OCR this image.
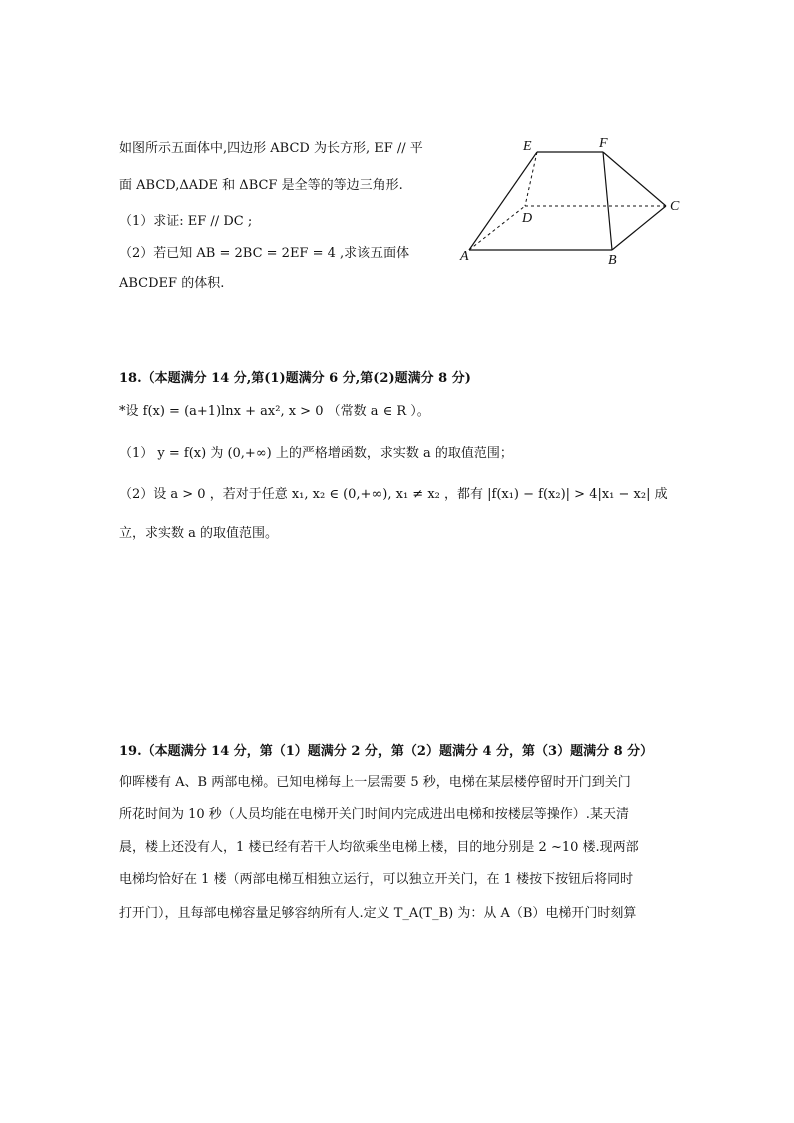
如图所示五面体中,四边形 ABCD 为长方形, EF // 平
面 ABCD,ΔADE 和 ΔBCF 是全等的等边三角形.
（1）求证: EF // DC ;
（2）若已知 AB = 2BC = 2EF = 4 ,求该五面体
ABCDEF 的体积.
E	F
C
D
A	B
18.（本题满分 14 分,第(1)题满分 6 分,第(2)题满分 8 分)
*设 f(x) = (a+1)lnx + ax², x > 0 （常数 a ∈ R ）。
（1） y = f(x) 为 (0,+∞) 上的严格增函数，求实数 a 的取值范围；
（2）设 a > 0 ，若对于任意 x₁, x₂ ∈ (0,+∞), x₁ ≠ x₂ ，都有 |f(x₁) − f(x₂)| > 4|x₁ − x₂| 成
立，求实数 a 的取值范围。
19.（本题满分 14 分，第（1）题满分 2 分，第（2）题满分 4 分，第（3）题满分 8 分）
仰晖楼有 A、B 两部电梯。已知电梯每上一层需要 5 秒，电梯在某层楼停留时开门到关门
所花时间为 10 秒（人员均能在电梯开关门时间内完成进出电梯和按楼层等操作）.某天清
晨，楼上还没有人，1 楼已经有若干人均欲乘坐电梯上楼，目的地分别是 2 ~10 楼.现两部
电梯均恰好在 1 楼（两部电梯互相独立运行，可以独立开关门，在 1 楼按下按钮后将同时
打开门），且每部电梯容量足够容纳所有人.定义 T_A(T_B) 为：从 A（B）电梯开门时刻算
